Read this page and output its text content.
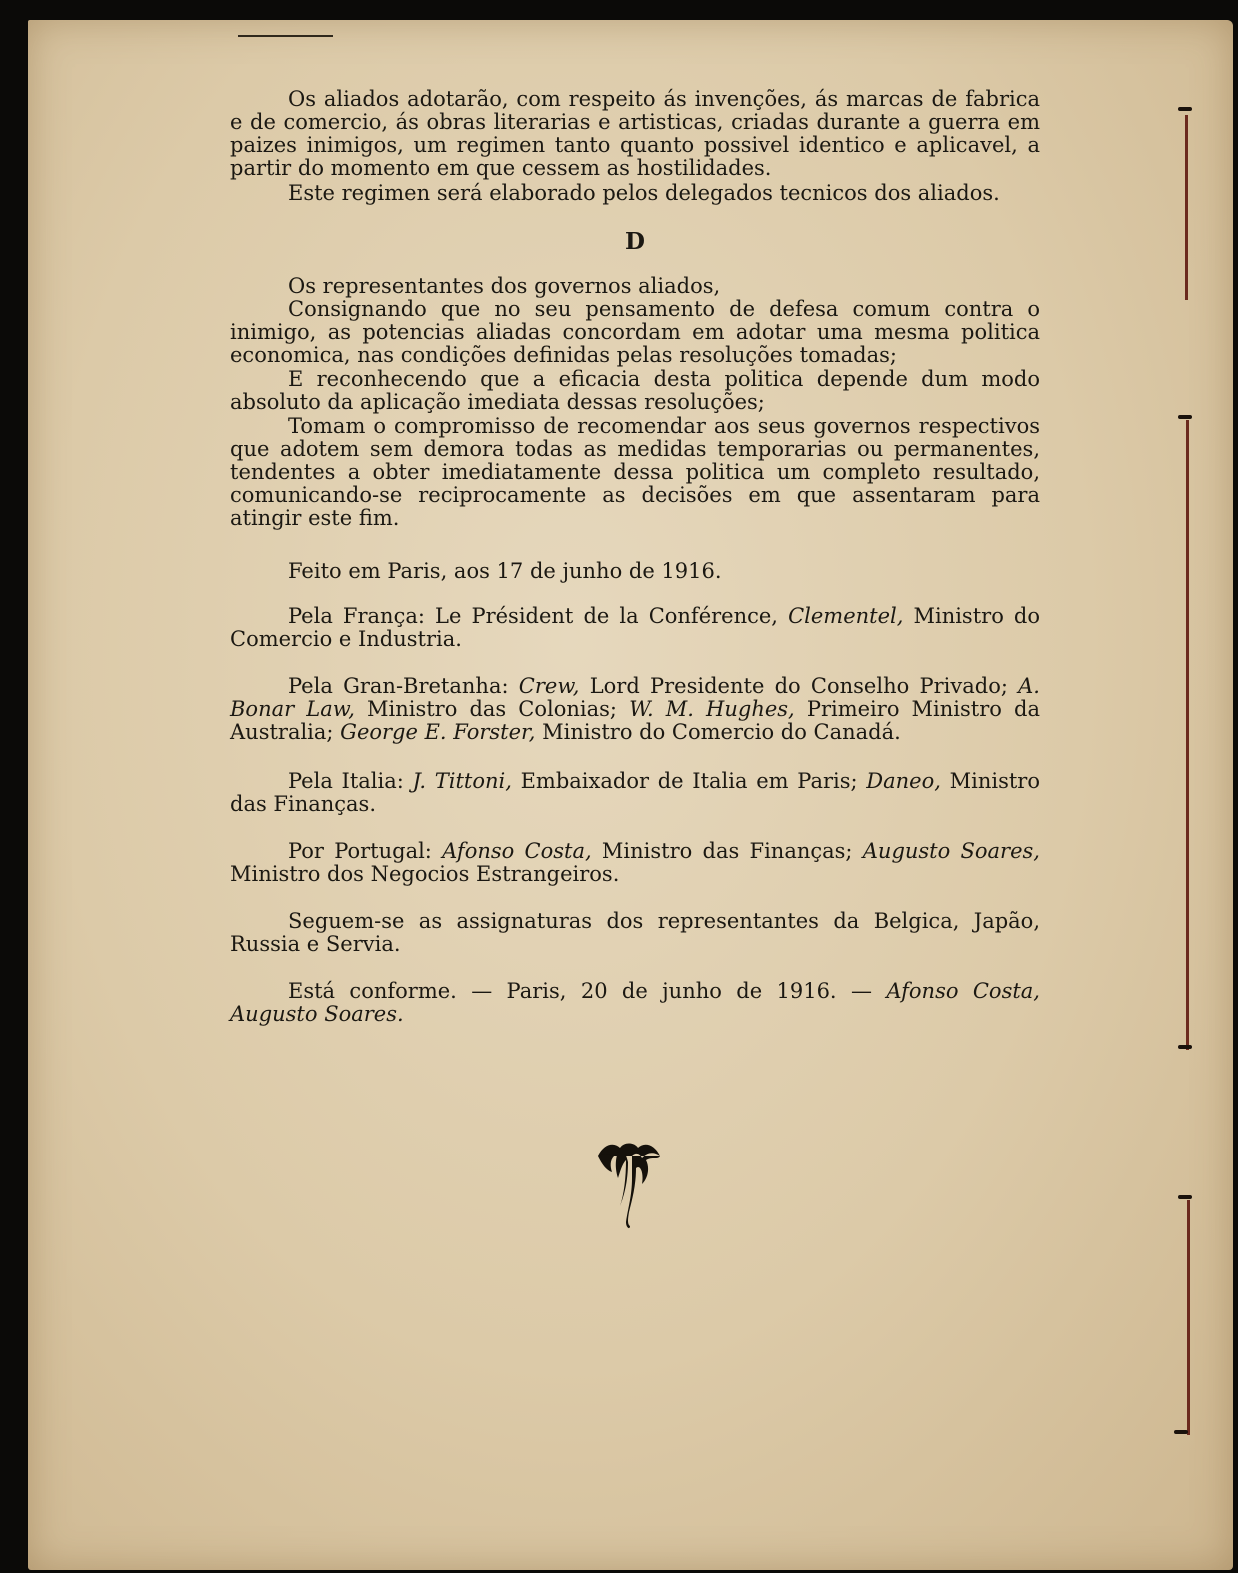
Os aliados adotarão, com respeito ás invenções, ás marcas de fabrica e de comercio, ás obras literarias e artisticas, criadas durante a guerra em paizes inimigos, um regimen tanto quanto possivel identico e aplicavel, a partir do momento em que cessem as hostilidades.

Este regimen será elaborado pelos delegados tecnicos dos aliados.

D

Os representantes dos governos aliados,

Consignando que no seu pensamento de defesa comum contra o inimigo, as potencias aliadas concordam em adotar uma mesma politica economica, nas condições definidas pelas resoluções tomadas;

E reconhecendo que a eficacia desta politica depende dum modo absoluto da aplicação imediata dessas resoluções;

Tomam o compromisso de recomendar aos seus governos respectivos que adotem sem demora todas as medidas temporarias ou permanentes, tendentes a obter imediatamente dessa politica um completo resultado, comunicando-se reciprocamente as decisões em que assentaram para atingir este fim.

Feito em Paris, aos 17 de junho de 1916.

Pela França: Le Président de la Conférence, Clementel, Ministro do Comercio e Industria.

Pela Gran-Bretanha: Crew, Lord Presidente do Conselho Privado; A. Bonar Law, Ministro das Colonias; W. M. Hughes, Primeiro Ministro da Australia; George E. Forster, Ministro do Comercio do Canadá.

Pela Italia: J. Tittoni, Embaixador de Italia em Paris; Daneo, Ministro das Finanças.

Por Portugal: Afonso Costa, Ministro das Finanças; Augusto Soares, Ministro dos Negocios Estrangeiros.

Seguem-se as assignaturas dos representantes da Belgica, Japão, Russia e Servia.

Está conforme. — Paris, 20 de junho de 1916. — Afonso Costa, Augusto Soares.
